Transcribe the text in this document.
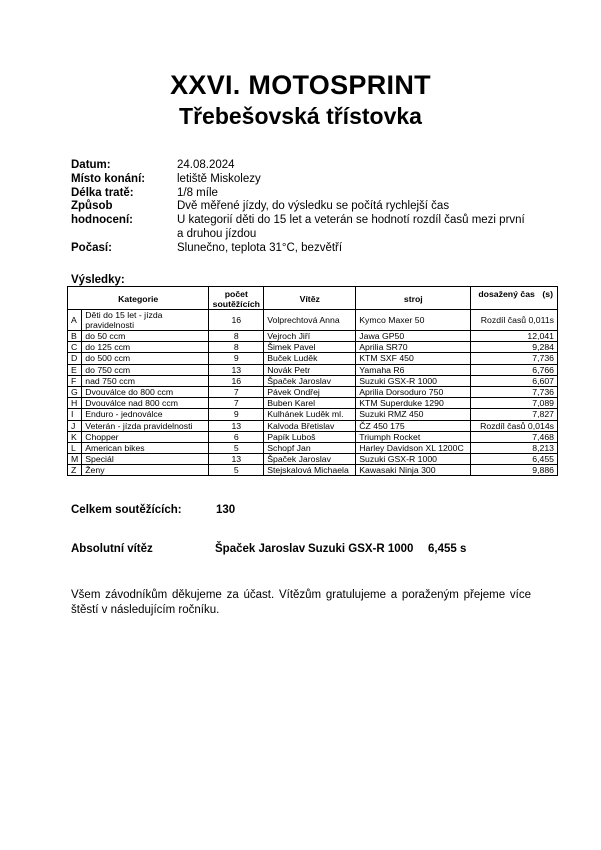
XXVI. MOTOSPRINT
Třebešovská třístovka
Datum:	24.08.2024
Místo konání:	letiště Miskolezy
Délka tratě:	1/8 míle
Způsob hodnocení:
Dvě měřené jízdy, do výsledku se počítá rychlejší čas
U kategorií děti do 15 let a veterán se hodnotí rozdíl časů mezi první a druhou jízdou
Počasí:	Slunečno, teplota 31°C, bezvětří
Výsledky:
Kategorie		počet soutěžících	Vítěz	stroj	dosažený čas (s)

A	Děti do 15 let - jízda pravidelnosti	16	Volprechtová Anna	Kymco Maxer 50	Rozdíl časů 0,011s
B	do 50 ccm	8	Vejroch Jiří	Jawa GP50	12,041
C	do 125 ccm	8	Šimek Pavel	Aprilia SR70	9,284
D	do 500 ccm	9	Buček Luděk	KTM SXF 450	7,736
E	do 750 ccm	13	Novák Petr	Yamaha R6	6,766
F	nad 750 ccm	16	Špaček Jaroslav	Suzuki GSX-R 1000	6,607
G	Dvouválce do 800 ccm	7	Pávek Ondřej	Aprilia Dorsoduro 750	7,736
H	Dvouválce nad 800 ccm	7	Buben Karel	KTM Superduke 1290	7,089
I	Enduro - jednoválce	9	Kulhánek Luděk ml.	Suzuki RMZ 450	7,827
J	Veterán - jízda pravidelnosti	13	Kalvoda Břetislav	ČZ 450 175	Rozdíl časů 0,014s
K	Chopper	6	Papík Luboš	Triumph Rocket	7,468
L	American bikes	5	Schopf Jan	Harley Davidson XL 1200C	8,213
M	Speciál	13	Špaček Jaroslav	Suzuki GSX-R 1000	6,455
Z	Ženy	5	Stejskalová Michaela	Kawasaki Ninja 300	9,886
Celkem soutěžících:	130
Absolutní vítěz	Špaček Jaroslav Suzuki GSX-R 1000 6,455 s
Všem závodníkům děkujeme za účast. Vítězům gratulujeme a poraženým přejeme více štěstí v následujícím ročníku.
